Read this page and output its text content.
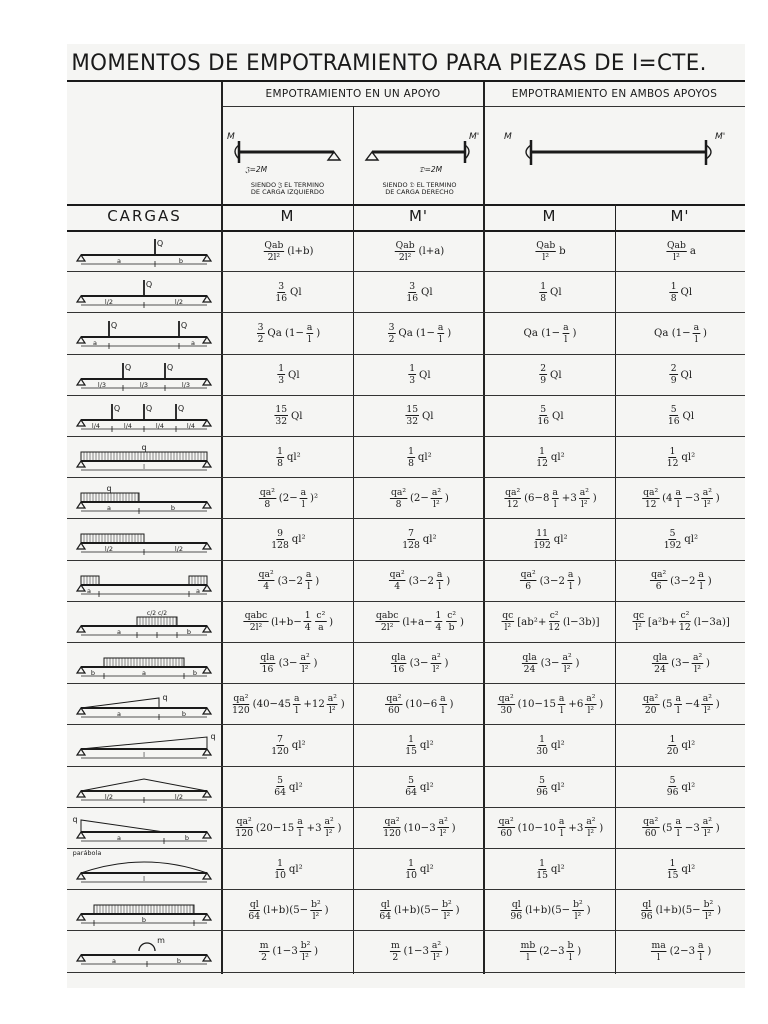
MOMENTOS DE EMPOTRAMIENTO PARA PIEZAS DE I=CTE.
EMPOTRAMIENTO EN UN APOYO	EMPOTRAMIENTO EN AMBOS APOYOS
M	M'	M	M'
𝔍=2M	𝔇=2M
SIENDO 𝔍 EL TERMINO
DE CARGA IZQUIERDO
SIENDO 𝔇 EL TERMINO
DE CARGA DERECHO
CARGAS	M	M'	M	M'
Q
a	b	$\frac{\text{Qab}}{\text{2l²}} (l+b)$	$\frac{\text{Qab}}{\text{2l²}} (l+a)$	$\frac{\text{Qab}}{\text{l²}}$ b	$\frac{\text{Qab}}{\text{l²}}$ a
Q
l/2	l/2	$\frac{3}{16}$ Ql	$\frac{3}{16}$ Ql	$\frac{1}{8}$ Ql	$\frac{1}{8}$ Ql
Q	Q
a	a	$\frac{3}{2}$ Qa ($1- \frac{a}{l}$ )	$\frac{3}{2}$ Qa ($1- \frac{a}{l}$ )	Qa ($1- \frac{a}{l}$ )	Qa ($1- \frac{a}{l}$ )
Q	Q
l/3	l/3	l/3	$\frac{1}{3}$ Ql	$\frac{1}{3}$ Ql	$\frac{2}{9}$ Ql	$\frac{2}{9}$ Ql
Q	Q	Q
l/4	l/4	l/4	l/4	$\frac{15}{32}$ Ql	$\frac{15}{32}$ Ql	$\frac{5}{16}$ Ql	$\frac{5}{16}$ Ql
q
l	$\frac{1}{8} ql^2$	$\frac{1}{8} ql^2$	$\frac{1}{12} ql^2$	$\frac{1}{12} ql^2$
q
a	b	$\frac{\text{qa²}}{8} (2- \frac{a}{l} )^2$	$\frac{\text{qa²}}{8} (2- \frac{\text{a²}}{\text{l²}}$ )	$\frac{\text{qa²}}{12} (6-8 \frac{a}{l} +3 \frac{\text{a²}}{\text{l²}}$ )	$\frac{\text{qa²}}{12} (4 \frac{a}{l} -3 \frac{\text{a²}}{\text{l²}}$ )
l/2	l/2	$\frac{9}{128} ql^2$	$\frac{7}{128} ql^2$	$\frac{11}{192} ql^2$	$\frac{5}{192} ql^2$
a	a	$\frac{\text{qa²}}{4} (3-2 \frac{a}{l}$ )	$\frac{\text{qa²}}{4} (3-2 \frac{a}{l}$ )	$\frac{\text{qa²}}{6} (3-2 \frac{a}{l}$ )	$\frac{\text{qa²}}{6} (3-2 \frac{a}{l}$ )
c/2 c/2
a	b	$\frac{\text{qabc}}{\text{2l²}} (l+b- \frac{1}{4} \frac{\text{c²}}{a}$ )	$\frac{\text{qabc}}{\text{2l²}} (l+a- \frac{1}{4} \frac{\text{c²}}{b}$ )	$\frac{qc}{\text{l²}} [ab^2+ \frac{\text{c²}}{12} (l-3b)]$	$\frac{qc}{\text{l²}} [a^2b+ \frac{\text{c²}}{12} (l-3a)]$
b	a	b	$\frac{\text{qla}}{16} (3- \frac{\text{a²}}{\text{l²}}$ )	$\frac{\text{qla}}{16} (3- \frac{\text{a²}}{\text{l²}}$ )	$\frac{\text{qla}}{24} (3- \frac{\text{a²}}{\text{l²}}$ )	$\frac{\text{qla}}{24} (3- \frac{\text{a²}}{\text{l²}}$ )
q
a	b	$\frac{\text{qa²}}{120} (40-45 \frac{a}{l} +12 \frac{\text{a²}}{\text{l²}}$ )	$\frac{\text{qa²}}{60} (10-6 \frac{a}{l}$ )	$\frac{\text{qa²}}{30} (10-15 \frac{a}{l} +6 \frac{\text{a²}}{\text{l²}}$ )	$\frac{\text{qa²}}{20} (5 \frac{a}{l} -4 \frac{\text{a²}}{\text{l²}}$ )
q
l	$\frac{7}{120} ql^2$	$\frac{1}{15} ql^2$	$\frac{1}{30} ql^2$	$\frac{1}{20} ql^2$
l/2	l/2	$\frac{5}{64} ql^2$	$\frac{5}{64} ql^2$	$\frac{5}{96} ql^2$	$\frac{5}{96} ql^2$
q
a	b	$\frac{\text{qa²}}{120} (20-15 \frac{a}{l} +3 \frac{\text{a²}}{\text{l²}}$ )	$\frac{\text{qa²}}{120} (10-3 \frac{\text{a²}}{\text{l²}}$ )	$\frac{\text{qa²}}{60} (10-10 \frac{a}{l} +3 \frac{\text{a²}}{\text{l²}}$ )	$\frac{\text{qa²}}{60} (5 \frac{a}{l} -3 \frac{\text{a²}}{\text{l²}}$ )
parábola
l	$\frac{1}{10} ql^2$	$\frac{1}{10} ql^2$	$\frac{1}{15} ql^2$	$\frac{1}{15} ql^2$
b	$\frac{ql}{64} (l+b)(5- \frac{\text{b²}}{\text{l²}}$ )	$\frac{ql}{64} (l+b)(5- \frac{\text{b²}}{\text{l²}}$ )	$\frac{ql}{96} (l+b)(5- \frac{\text{b²}}{\text{l²}}$ )	$\frac{ql}{96} (l+b)(5- \frac{\text{b²}}{\text{l²}}$ )
m
a	b	$\frac{m}{2} (1-3 \frac{\text{b²}}{\text{l²}}$ )	$\frac{m}{2} (1-3 \frac{\text{a²}}{\text{l²}}$ )	$\frac{mb}{l} (2-3 \frac{b}{l}$ )	$\frac{ma}{l} (2-3 \frac{a}{l}$ )
